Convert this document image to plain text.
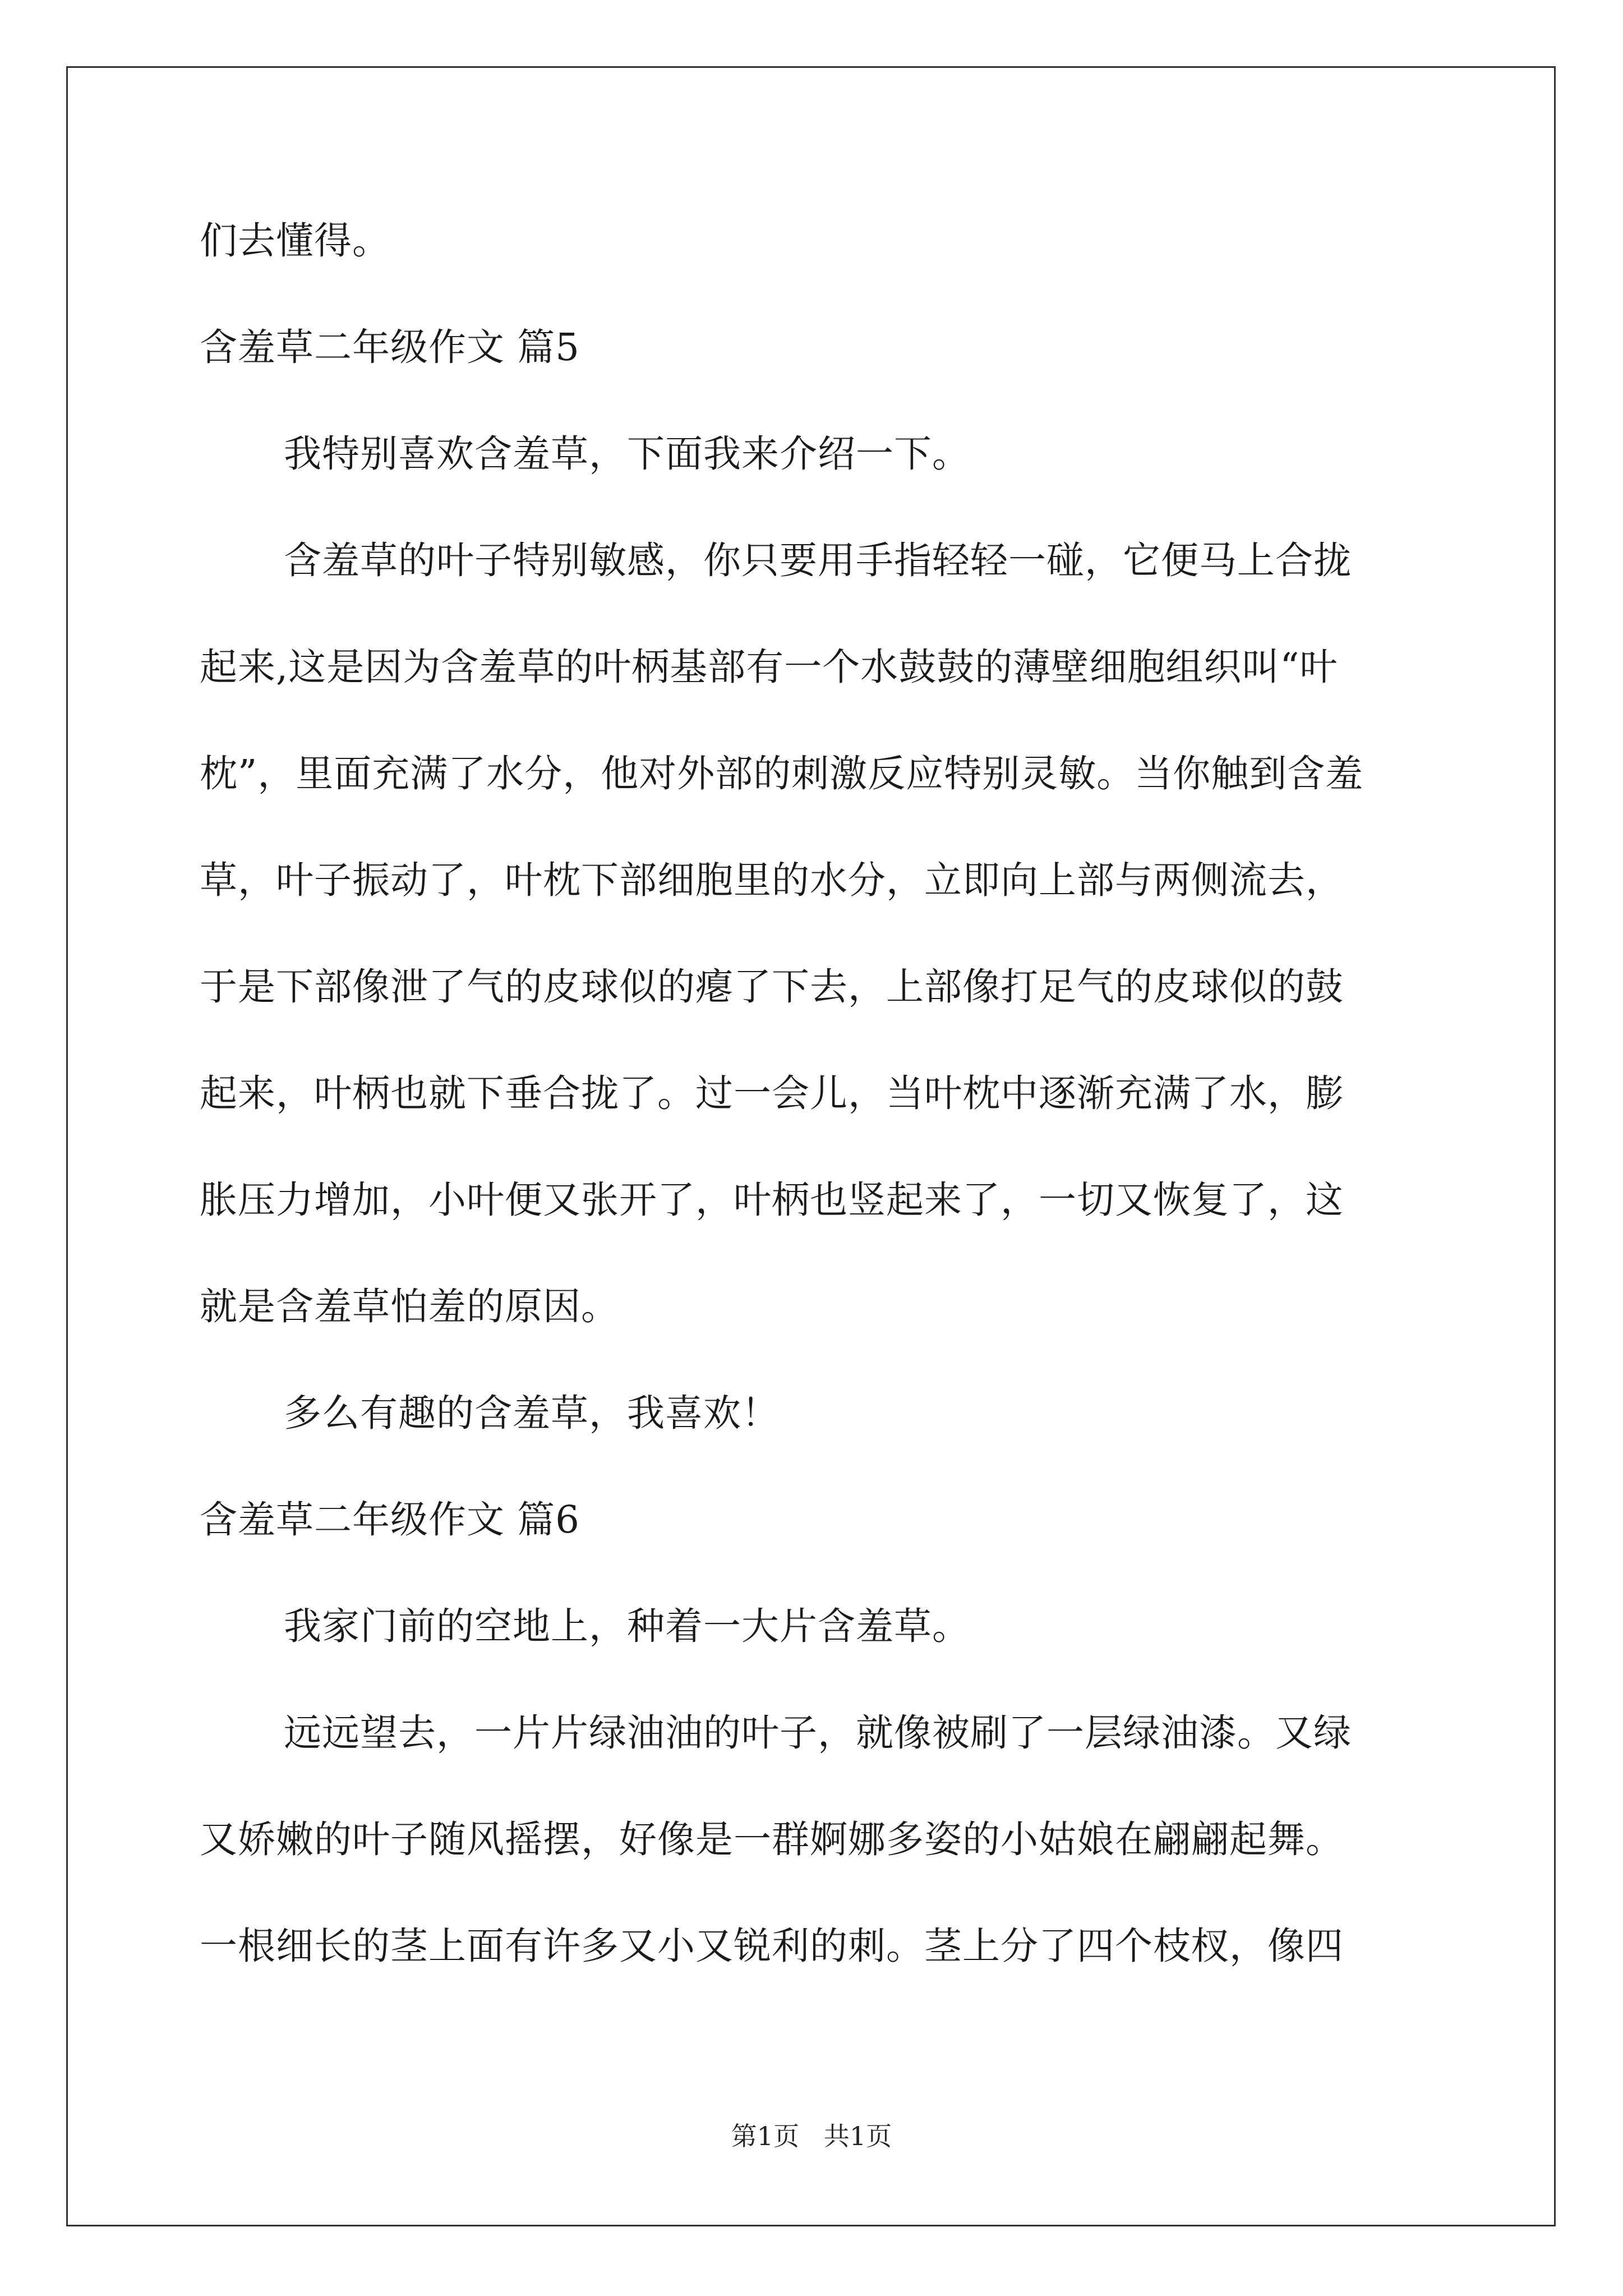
们去懂得。
含羞草二年级作文 篇5
我特别喜欢含羞草，下面我来介绍一下。
含羞草的叶子特别敏感，你只要用手指轻轻一碰，它便马上合拢
起来,这是因为含羞草的叶柄基部有一个水鼓鼓的薄壁细胞组织叫“叶
枕”，里面充满了水分，他对外部的刺激反应特别灵敏。当你触到含羞
草，叶子振动了，叶枕下部细胞里的水分，立即向上部与两侧流去，
于是下部像泄了气的皮球似的瘪了下去，上部像打足气的皮球似的鼓
起来，叶柄也就下垂合拢了。过一会儿，当叶枕中逐渐充满了水，膨
胀压力增加，小叶便又张开了，叶柄也竖起来了，一切又恢复了，这
就是含羞草怕羞的原因。
多么有趣的含羞草，我喜欢！
含羞草二年级作文 篇6
我家门前的空地上，种着一大片含羞草。
远远望去，一片片绿油油的叶子，就像被刷了一层绿油漆。又绿
又娇嫩的叶子随风摇摆，好像是一群婀娜多姿的小姑娘在翩翩起舞。
一根细长的茎上面有许多又小又锐利的刺。茎上分了四个枝杈，像四
第1页   共1页
